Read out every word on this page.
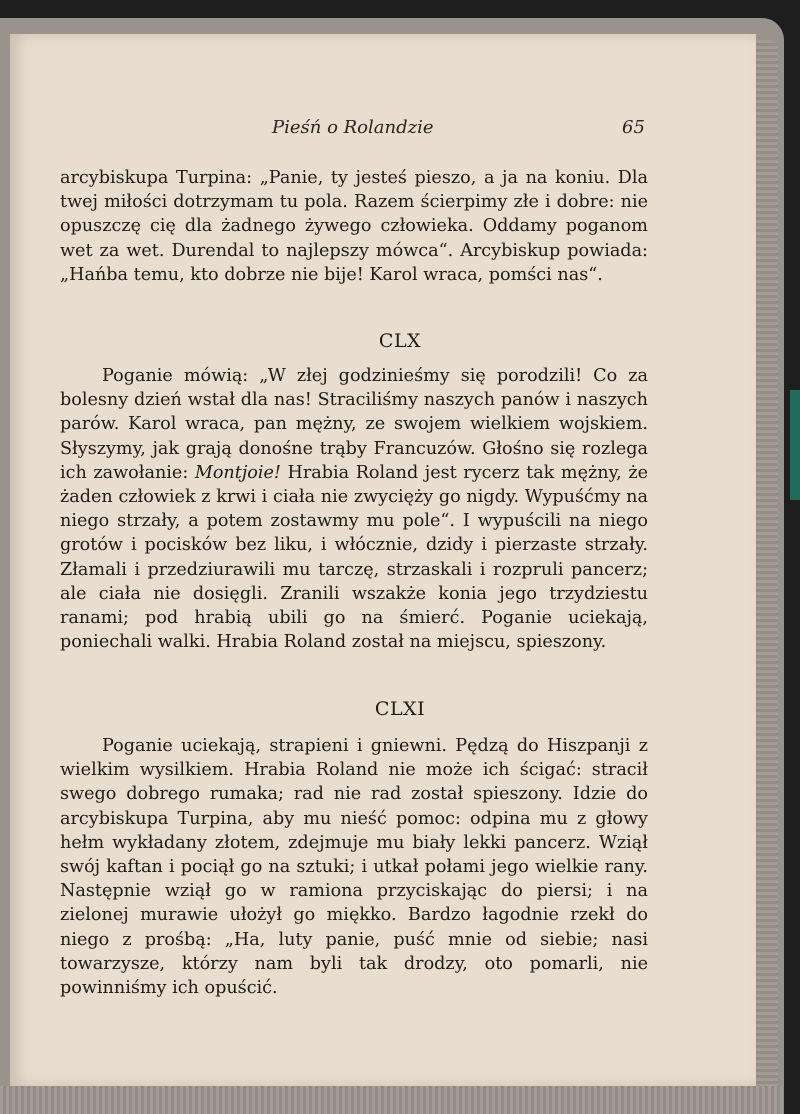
Pieśń o Rolandzie	65

arcybiskupa Turpina: „Panie, ty jesteś pieszo, a ja na koniu. Dla twej miłości dotrzymam tu pola. Razem ścierpimy złe i dobre: nie opuszczę cię dla żadnego żywego człowieka. Oddamy poganom wet za wet. Durendal to najlepszy mówca“. Arcybiskup powiada: „Hańba temu, kto dobrze nie bije! Karol wraca, pomści nas“.

CLX

Poganie mówią: „W złej godzinieśmy się porodzili! Co za bolesny dzień wstał dla nas! Straciliśmy naszych panów i naszych parów. Karol wraca, pan mężny, ze swojem wielkiem wojskiem. Słyszymy, jak grają donośne trąby Francuzów. Głośno się rozlega ich zawołanie: Montjoie! Hrabia Roland jest rycerz tak mężny, że żaden człowiek z krwi i ciała nie zwycięży go nigdy. Wypuśćmy na niego strzały, a potem zostawmy mu pole“. I wypuścili na niego grotów i pocisków bez liku, i włócznie, dzidy i pierzaste strzały. Złamali i przedziurawili mu tarczę, strzaskali i rozpruli pancerz; ale ciała nie dosięgli. Zranili wszakże konia jego trzydziestu ranami; pod hrabią ubili go na śmierć. Poganie uciekają, poniechali walki. Hrabia Roland został na miejscu, spieszony.

CLXI

Poganie uciekają, strapieni i gniewni. Pędzą do Hiszpanji z wielkim wysilkiem. Hrabia Roland nie może ich ścigać: stracił swego dobrego rumaka; rad nie rad został spieszony. Idzie do arcybiskupa Turpina, aby mu nieść pomoc: odpina mu z głowy hełm wykładany złotem, zdejmuje mu biały lekki pancerz. Wziął swój kaftan i pociął go na sztuki; i utkał połami jego wielkie rany. Następnie wziął go w ramiona przyciskając do piersi; i na zielonej murawie ułożył go miękko. Bardzo łagodnie rzekł do niego z prośbą: „Ha, luty panie, puść mnie od siebie; nasi towarzysze, którzy nam byli tak drodzy, oto pomarli, nie powinniśmy ich opuścić.
